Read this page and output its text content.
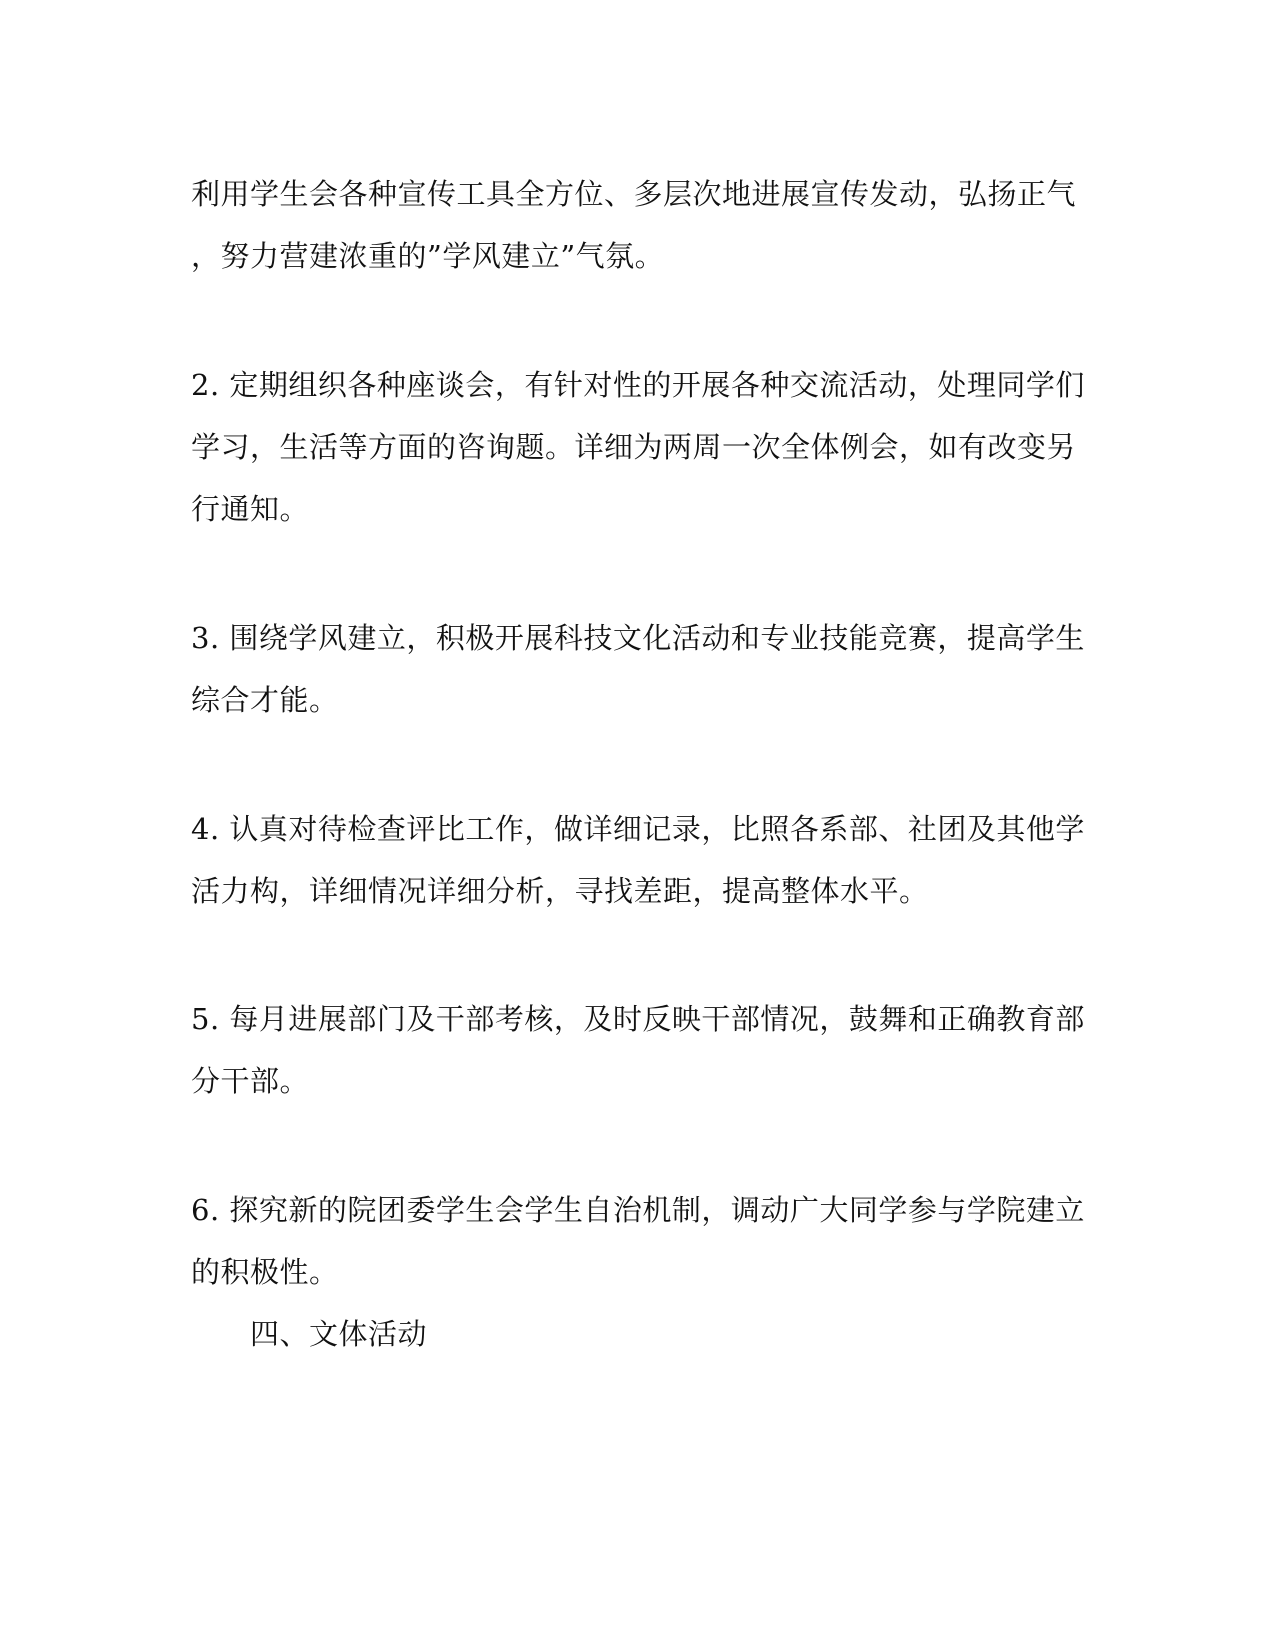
利用学生会各种宣传工具全方位、多层次地进展宣传发动，弘扬正气
，努力营建浓重的”学风建立”气氛。
2. 定期组织各种座谈会，有针对性的开展各种交流活动，处理同学们
学习，生活等方面的咨询题。详细为两周一次全体例会，如有改变另
行通知。
3. 围绕学风建立，积极开展科技文化活动和专业技能竞赛，提高学生
综合才能。
4. 认真对待检查评比工作，做详细记录，比照各系部、社团及其他学
活力构，详细情况详细分析，寻找差距，提高整体水平。
5. 每月进展部门及干部考核，及时反映干部情况，鼓舞和正确教育部
分干部。
6. 探究新的院团委学生会学生自治机制，调动广大同学参与学院建立
的积极性。
四、文体活动
